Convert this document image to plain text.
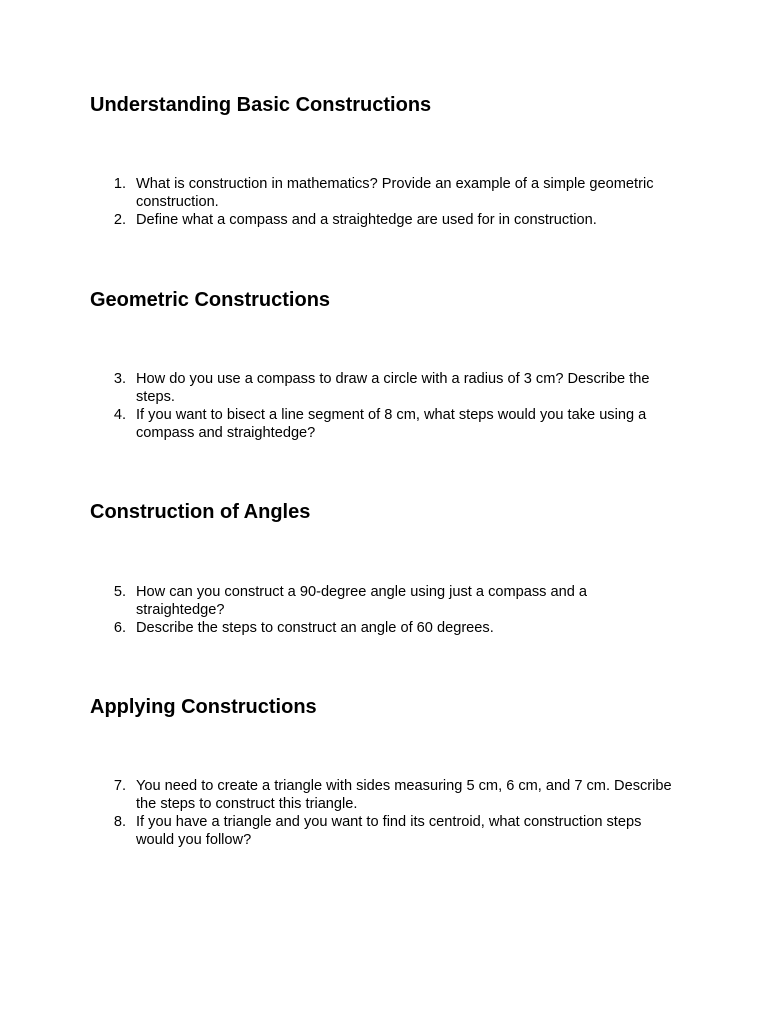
Understanding Basic Constructions
1. What is construction in mathematics? Provide an example of a simple geometric construction.
2. Define what a compass and a straightedge are used for in construction.
Geometric Constructions
3. How do you use a compass to draw a circle with a radius of 3 cm? Describe the steps.
4. If you want to bisect a line segment of 8 cm, what steps would you take using a compass and straightedge?
Construction of Angles
5. How can you construct a 90-degree angle using just a compass and a straightedge?
6. Describe the steps to construct an angle of 60 degrees.
Applying Constructions
7. You need to create a triangle with sides measuring 5 cm, 6 cm, and 7 cm. Describe the steps to construct this triangle.
8. If you have a triangle and you want to find its centroid, what construction steps would you follow?
